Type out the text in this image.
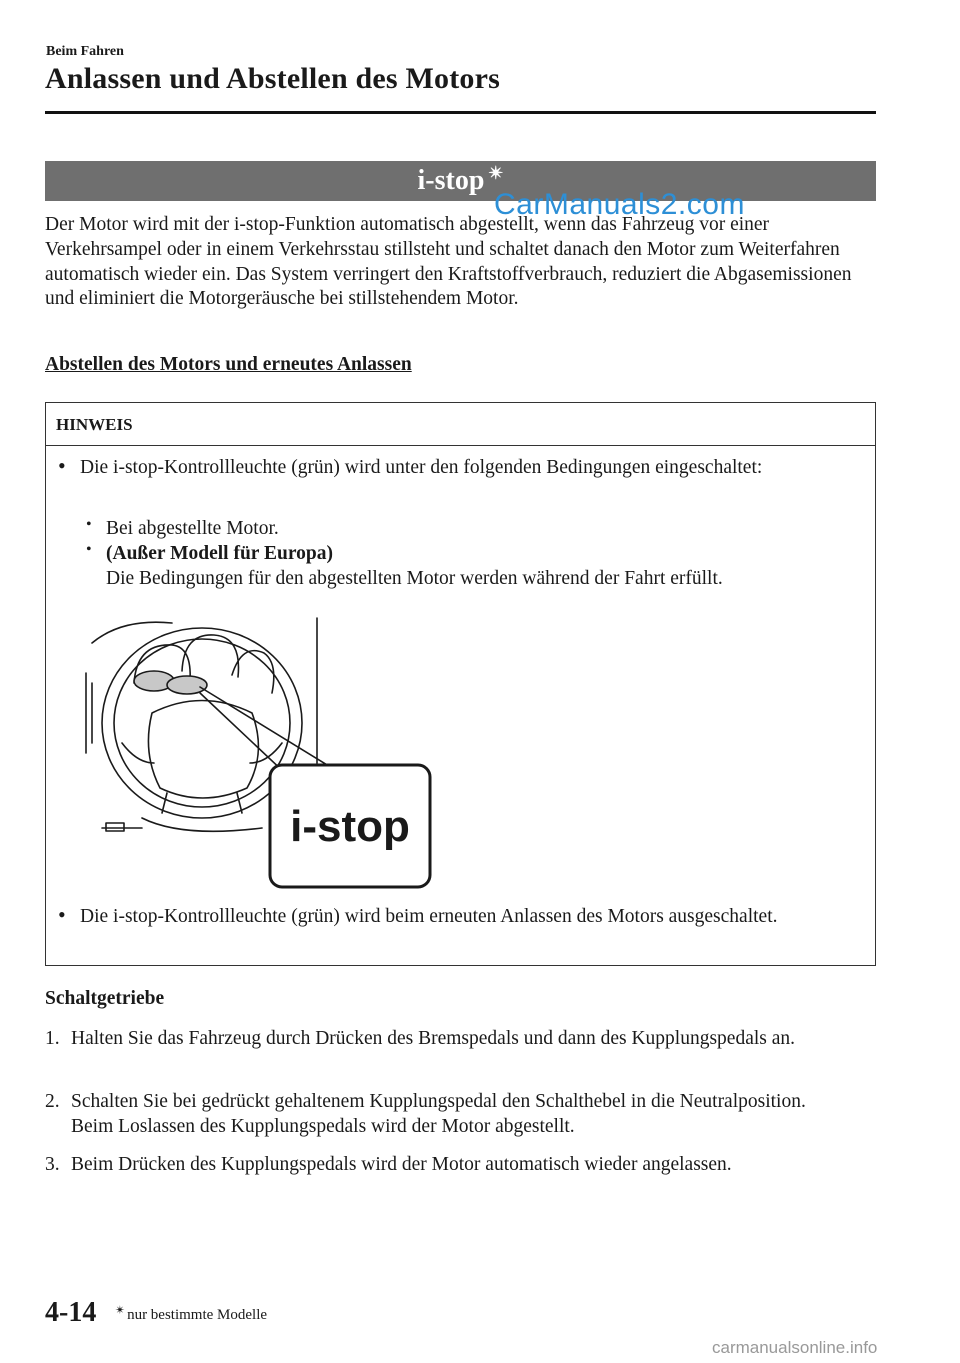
Beim Fahren
Anlassen und Abstellen des Motors
i-stop ✴
CarManuals2.com

Der Motor wird mit der i-stop-Funktion automatisch abgestellt, wenn das Fahrzeug vor einer Verkehrsampel oder in einem Verkehrsstau stillsteht und schaltet danach den Motor zum Weiterfahren automatisch wieder ein. Das System verringert den Kraftstoffverbrauch, reduziert die Abgasemissionen und eliminiert die Motorgeräusche bei stillstehendem Motor.

Abstellen des Motors und erneutes Anlassen
HINWEIS
• Die i-stop-Kontrollleuchte (grün) wird unter den folgenden Bedingungen eingeschaltet:
• Bei abgestellte Motor.
• (Außer Modell für Europa)
Die Bedingungen für den abgestellten Motor werden während der Fahrt erfüllt.
i-stop
• Die i-stop-Kontrollleuchte (grün) wird beim erneuten Anlassen des Motors ausgeschaltet.
Schaltgetriebe
1. Halten Sie das Fahrzeug durch Drücken des Bremspedals und dann des Kupplungspedals an.
2. Schalten Sie bei gedrückt gehaltenem Kupplungspedal den Schalthebel in die Neutralposition. Beim Loslassen des Kupplungspedals wird der Motor abgestellt.
3. Beim Drücken des Kupplungspedals wird der Motor automatisch wieder angelassen.
4-14 ✴ nur bestimmte Modelle
carmanualsonline.info
